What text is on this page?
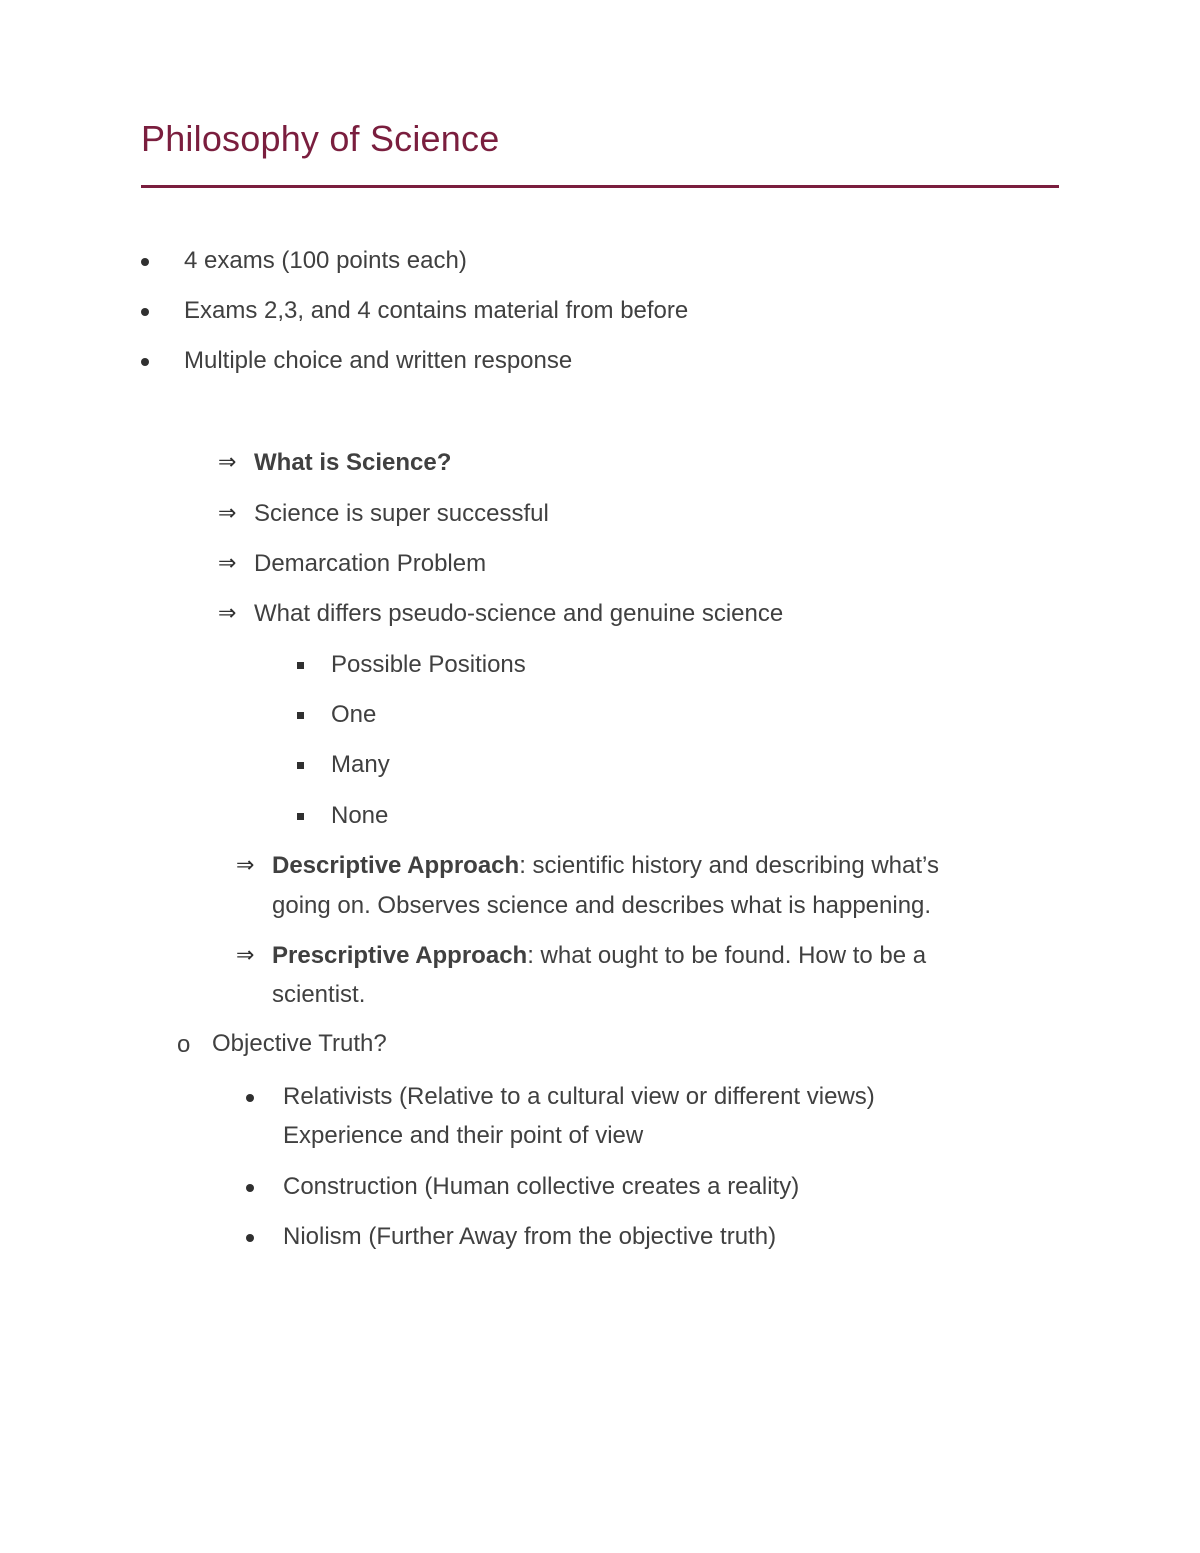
Philosophy of Science
4 exams (100 points each)
Exams 2,3, and 4 contains material from before
Multiple choice and written response
⇒ What is Science?
⇒ Science is super successful
⇒ Demarcation Problem
⇒ What differs pseudo-science and genuine science
Possible Positions
One
Many
None
⇒ Descriptive Approach: scientific history and describing what’s
going on. Observes science and describes what is happening.
⇒ Prescriptive Approach: what ought to be found. How to be a
scientist.
o Objective Truth?
Relativists (Relative to a cultural view or different views)
Experience and their point of view
Construction (Human collective creates a reality)
Niolism (Further Away from the objective truth)
